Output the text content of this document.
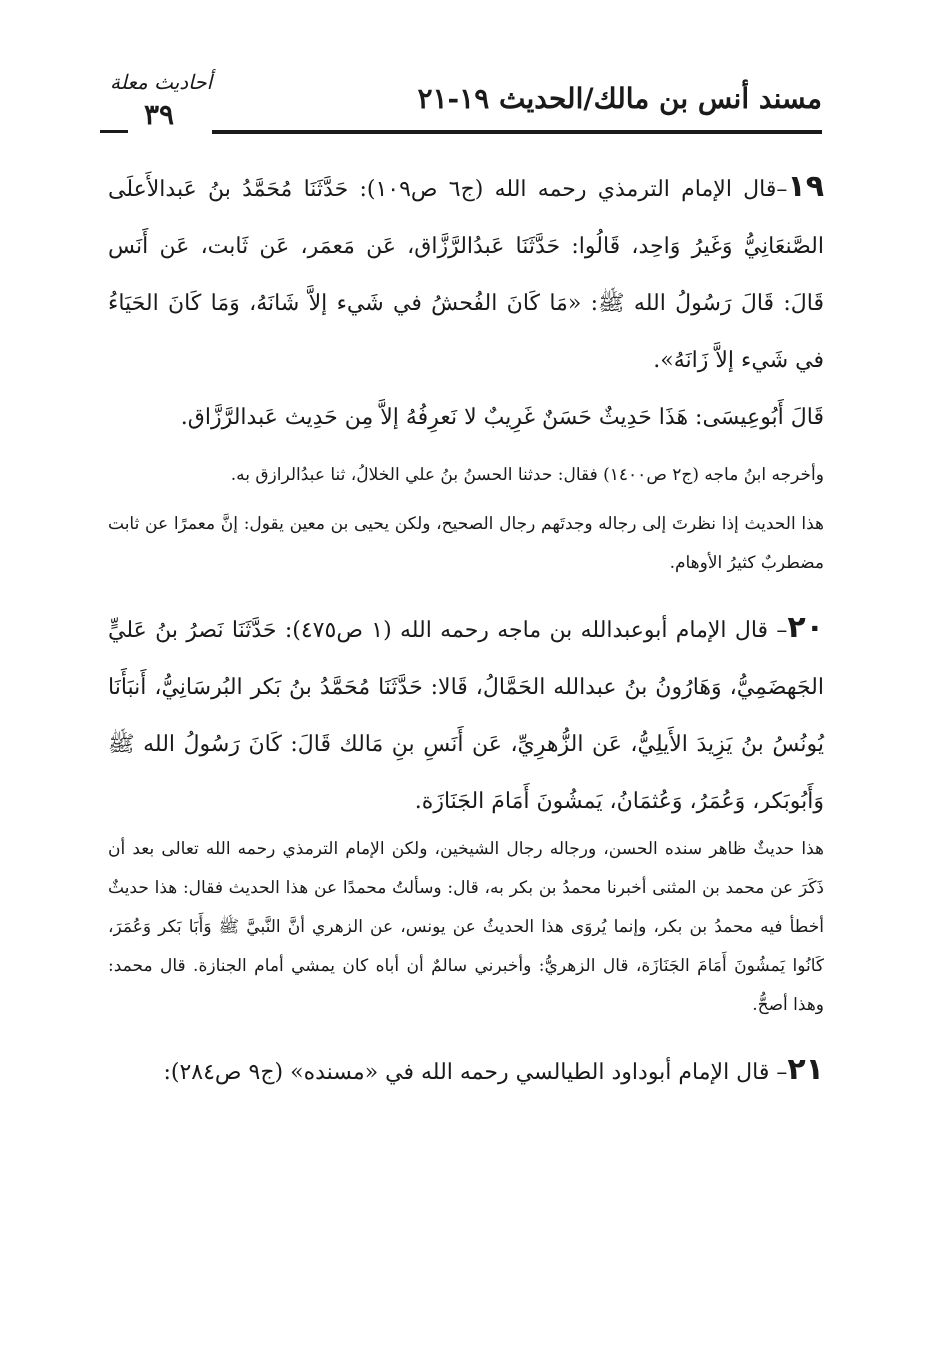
مسند أنس بن مالك/الحديث ١٩-٢١
أحاديث معلة
٣٩

١٩–قال الإمام الترمذي رحمه الله (ج٦ ص١٠٩): حَدَّثَنَا مُحَمَّدُ بنُ عَبدالأَعلَى الصَّنعَانِيُّ وَغَيرُ وَاحِد، قَالُوا: حَدَّثَنَا عَبدُالرَّزَّاق، عَن مَعمَر، عَن ثَابت، عَن أَنَس قَالَ: قَالَ رَسُولُ الله ﷺ: «مَا كَانَ الفُحشُ في شَيء إلاَّ شَانَهُ، وَمَا كَانَ الحَيَاءُ في شَيء إلاَّ زَانَهُ».

قَالَ أَبُوعِيسَى: هَذَا حَدِيثٌ حَسَنٌ غَرِيبٌ لا نَعرِفُهُ إلاَّ مِن حَدِيث عَبدالرَّزَّاق.

وأخرجه ابنُ ماجه (ج٢ ص١٤٠٠) فقال: حدثنا الحسنُ بنُ علي الخلالُ، ثنا عبدُالرازق به.

هذا الحديث إذا نظرتَ إلى رجاله وجدتَهم رجال الصحيح، ولكن يحيى بن معين يقول: إنَّ معمرًا عن ثابت مضطربٌ كثيرُ الأوهام.

٢٠– قال الإمام أبوعبدالله بن ماجه رحمه الله (١ ص٤٧٥): حَدَّثَنَا نَصرُ بنُ عَليٍّ الجَهضَمِيُّ، وَهَارُونُ بنُ عبدالله الحَمَّالُ، قَالا: حَدَّثَنَا مُحَمَّدُ بنُ بَكر البُرسَانِيُّ، أَنبَأَنَا يُونُسُ بنُ يَزِيدَ الأَيلِيُّ، عَن الزُّهرِيِّ، عَن أَنَسِ بنِ مَالك قَالَ: كَانَ رَسُولُ الله ﷺ وَأَبُوبَكر، وَعُمَرُ، وَعُثمَانُ، يَمشُونَ أَمَامَ الجَنَازَة.

هذا حديثٌ ظاهر سنده الحسن، ورجاله رجال الشيخين، ولكن الإمام الترمذي رحمه الله تعالى بعد أن ذَكَرَ عن محمد بن المثنى أخبرنا محمدُ بن بكر به، قال: وسألتُ محمدًا عن هذا الحديث فقال: هذا حديثٌ أخطأ فيه محمدُ بن بكر، وإنما يُروَى هذا الحديثُ عن يونس، عن الزهري أنَّ النَّبيَّ ﷺ وَأَبَا بَكر وَعُمَرَ، كَانُوا يَمشُونَ أَمَامَ الجَنَازَة، قال الزهريُّ: وأخبرني سالمٌ أن أباه كان يمشي أمام الجنازة. قال محمد: وهذا أصحُّ.

٢١– قال الإمام أبوداود الطيالسي رحمه الله في «مسنده» (ج٩ ص٢٨٤):
